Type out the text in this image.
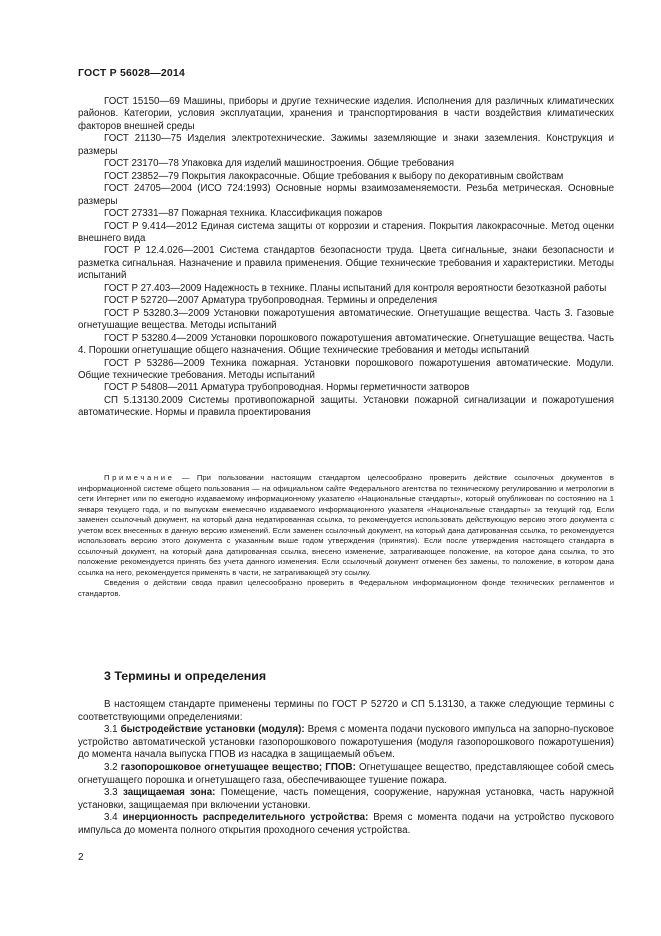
ГОСТ Р 56028—2014

ГОСТ 15150—69 Машины, приборы и другие технические изделия. Исполнения для различных климатических районов. Категории, условия эксплуатации, хранения и транспортирования в части воздействия климатических факторов внешней среды

ГОСТ 21130—75 Изделия электротехнические. Зажимы заземляющие и знаки заземления. Конструкция и размеры

ГОСТ 23170—78 Упаковка для изделий машиностроения. Общие требования

ГОСТ 23852—79 Покрытия лакокрасочные. Общие требования к выбору по декоративным свойствам

ГОСТ 24705—2004 (ИСО 724:1993) Основные нормы взаимозаменяемости. Резьба метрическая. Основные размеры

ГОСТ 27331—87 Пожарная техника. Классификация пожаров

ГОСТ Р 9.414—2012 Единая система защиты от коррозии и старения. Покрытия лакокрасочные. Метод оценки внешнего вида

ГОСТ Р 12.4.026—2001 Система стандартов безопасности труда. Цвета сигнальные, знаки безопасности и разметка сигнальная. Назначение и правила применения. Общие технические требования и характеристики. Методы испытаний

ГОСТ Р 27.403—2009 Надежность в технике. Планы испытаний для контроля вероятности безотказной работы

ГОСТ Р 52720—2007 Арматура трубопроводная. Термины и определения

ГОСТ Р 53280.3—2009 Установки пожаротушения автоматические. Огнетушащие вещества. Часть 3. Газовые огнетушащие вещества. Методы испытаний

ГОСТ Р 53280.4—2009 Установки порошкового пожаротушения автоматические. Огнетушащие вещества. Часть 4. Порошки огнетушащие общего назначения. Общие технические требования и методы испытаний

ГОСТ Р 53286—2009 Техника пожарная. Установки порошкового пожаротушения автоматические. Модули. Общие технические требования. Методы испытаний

ГОСТ Р 54808—2011 Арматура трубопроводная. Нормы герметичности затворов

СП 5.13130.2009 Системы противопожарной защиты. Установки пожарной сигнализации и пожаротушения автоматические. Нормы и правила проектирования

Примечание — При пользовании настоящим стандартом целесообразно проверить действие ссылочных документов в информационной системе общего пользования — на официальном сайте Федерального агентства по техническому регулированию и метрологии в сети Интернет или по ежегодно издаваемому информационному указателю «Национальные стандарты», который опубликован по состоянию на 1 января текущего года, и по выпускам ежемесячно издаваемого информационного указателя «Национальные стандарты» за текущий год. Если заменен ссылочный документ, на который дана недатированная ссылка, то рекомендуется использовать действующую версию этого документа с учетом всех внесенных в данную версию изменений. Если заменен ссылочный документ, на который дана датированная ссылка, то рекомендуется использовать версию этого документа с указанным выше годом утверждения (принятия). Если после утверждения настоящего стандарта в ссылочный документ, на который дана датированная ссылка, внесено изменение, затрагивающее положение, на которое дана ссылка, то это положение рекомендуется принять без учета данного изменения. Если ссылочный документ отменен без замены, то положение, в котором дана ссылка на него, рекомендуется применять в части, не затрагивающей эту ссылку.

Сведения о действии свода правил целесообразно проверить в Федеральном информационном фонде технических регламентов и стандартов.

3 Термины и определения

В настоящем стандарте применены термины по ГОСТ Р 52720 и СП 5.13130, а также следующие термины с соответствующими определениями:

3.1 быстродействие установки (модуля): Время с момента подачи пускового импульса на запорно-пусковое устройство автоматической установки газопорошкового пожаротушения (модуля газопорошкового пожаротушения) до момента начала выпуска ГПОВ из насадка в защищаемый объем.

3.2 газопорошковое огнетушащее вещество; ГПОВ: Огнетушащее вещество, представляющее собой смесь огнетушащего порошка и огнетушащего газа, обеспечивающее тушение пожара.

3.3 защищаемая зона: Помещение, часть помещения, сооружение, наружная установка, часть наружной установки, защищаемая при включении установки.

3.4 инерционность распределительного устройства: Время с момента подачи на устройство пускового импульса до момента полного открытия проходного сечения устройства.

2
